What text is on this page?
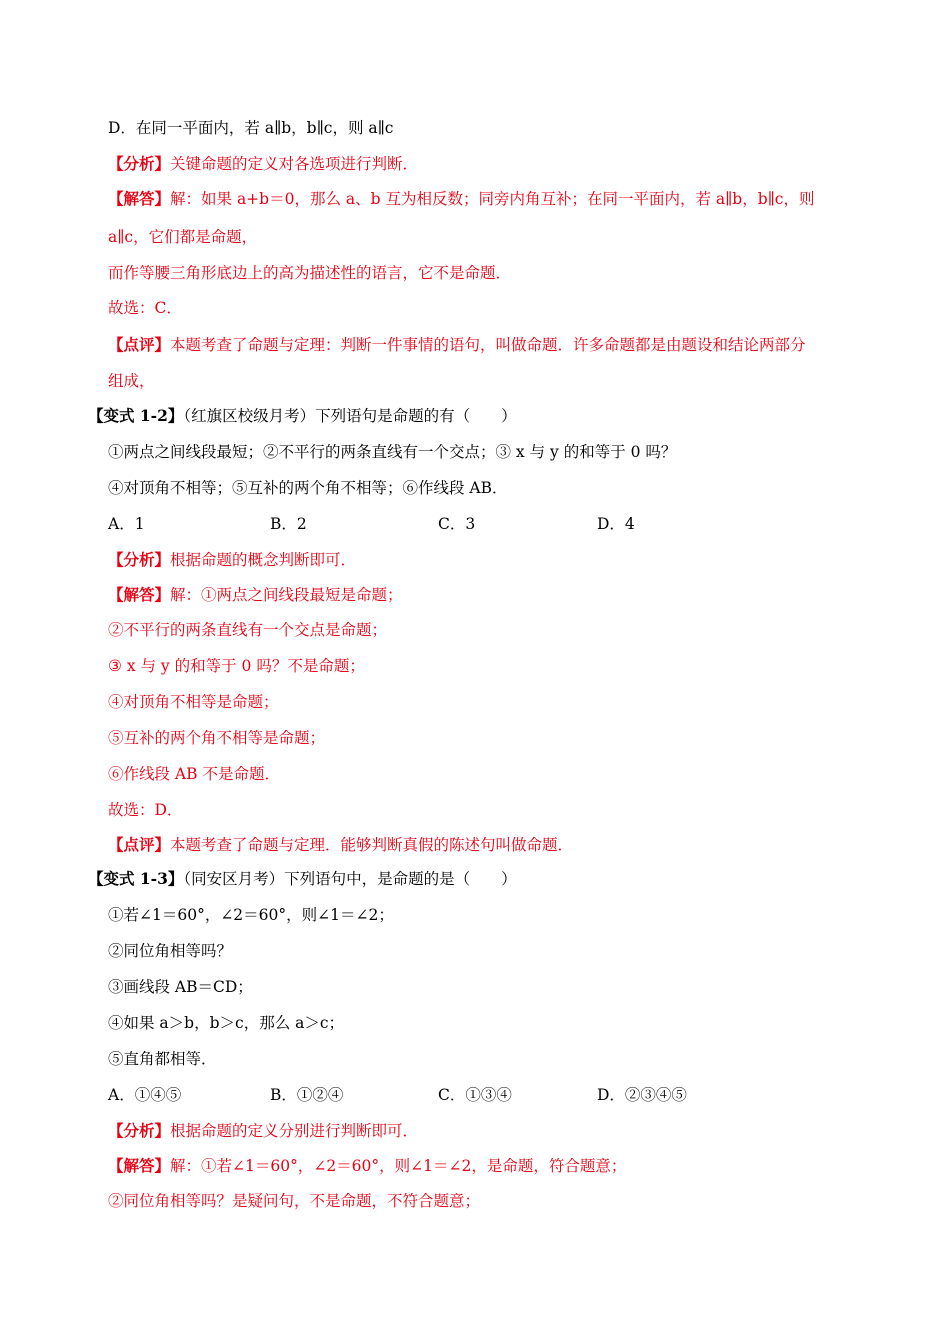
D．在同一平面内，若 a∥b，b∥c，则 a∥c
【分析】关键命题的定义对各选项进行判断．
【解答】解：如果 a+b＝0，那么 a、b 互为相反数；同旁内角互补；在同一平面内，若 a∥b，b∥c，则
a∥c，它们都是命题，
而作等腰三角形底边上的高为描述性的语言，它不是命题．
故选：C．
【点评】本题考查了命题与定理：判断一件事情的语句，叫做命题．许多命题都是由题设和结论两部分
组成，
【变式 1-2】（红旗区校级月考）下列语句是命题的有（　　）
①两点之间线段最短；②不平行的两条直线有一个交点；③ x 与 y 的和等于 0 吗？
④对顶角不相等；⑤互补的两个角不相等；⑥作线段 AB．
A．1	B．2	C．3	D．4
【分析】根据命题的概念判断即可．
【解答】解：①两点之间线段最短是命题；
②不平行的两条直线有一个交点是命题；
③ x 与 y 的和等于 0 吗？不是命题；
④对顶角不相等是命题；
⑤互补的两个角不相等是命题；
⑥作线段 AB 不是命题．
故选：D．
【点评】本题考查了命题与定理．能够判断真假的陈述句叫做命题．
【变式 1-3】（同安区月考）下列语句中，是命题的是（　　）
①若∠1＝60°，∠2＝60°，则∠1＝∠2；
②同位角相等吗？
③画线段 AB＝CD；
④如果 a＞b，b＞c，那么 a＞c；
⑤直角都相等．
A．①④⑤	B．①②④	C．①③④	D．②③④⑤
【分析】根据命题的定义分别进行判断即可．
【解答】解：①若∠1＝60°，∠2＝60°，则∠1＝∠2，是命题，符合题意；
②同位角相等吗？是疑问句，不是命题，不符合题意；
